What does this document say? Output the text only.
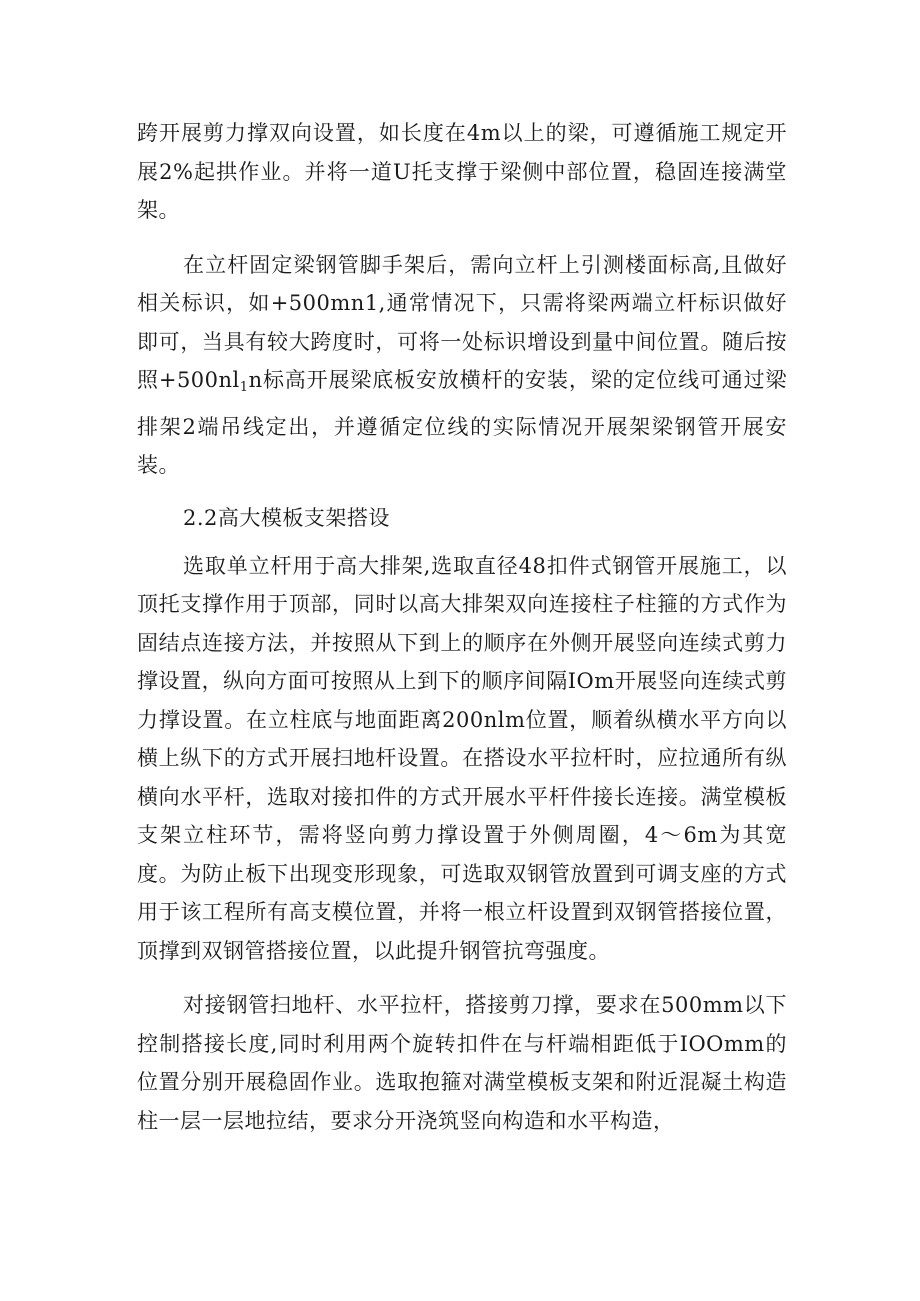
跨开展剪力撑双向设置，如长度在4m以上的梁，可遵循施工规定开展2%起拱作业。并将一道U托支撑于梁侧中部位置，稳固连接满堂架。

在立杆固定梁钢管脚手架后，需向立杆上引测楼面标高,且做好相关标识，如+500mn1,通常情况下，只需将梁两端立杆标识做好即可，当具有较大跨度时，可将一处标识增设到量中间位置。随后按照$+500nl_1n$标高开展梁底板安放横杆的安装，梁的定位线可通过梁排架2端吊线定出，并遵循定位线的实际情况开展架梁钢管开展安装。

2.2高大模板支架搭设

选取单立杆用于高大排架,选取直径48扣件式钢管开展施工，以顶托支撑作用于顶部，同时以高大排架双向连接柱子柱箍的方式作为固结点连接方法，并按照从下到上的顺序在外侧开展竖向连续式剪力撑设置，纵向方面可按照从上到下的顺序间隔IOm开展竖向连续式剪力撑设置。在立柱底与地面距离200nlm位置，顺着纵横水平方向以横上纵下的方式开展扫地杆设置。在搭设水平拉杆时，应拉通所有纵横向水平杆，选取对接扣件的方式开展水平杆件接长连接。满堂模板支架立柱环节，需将竖向剪力撑设置于外侧周圈，4～6m为其宽度。为防止板下出现变形现象，可选取双钢管放置到可调支座的方式用于该工程所有高支模位置，并将一根立杆设置到双钢管搭接位置，顶撑到双钢管搭接位置，以此提升钢管抗弯强度。

对接钢管扫地杆、水平拉杆，搭接剪刀撑，要求在500mm以下控制搭接长度,同时利用两个旋转扣件在与杆端相距低于IOOmm的位置分别开展稳固作业。选取抱箍对满堂模板支架和附近混凝土构造柱一层一层地拉结，要求分开浇筑竖向构造和水平构造，
